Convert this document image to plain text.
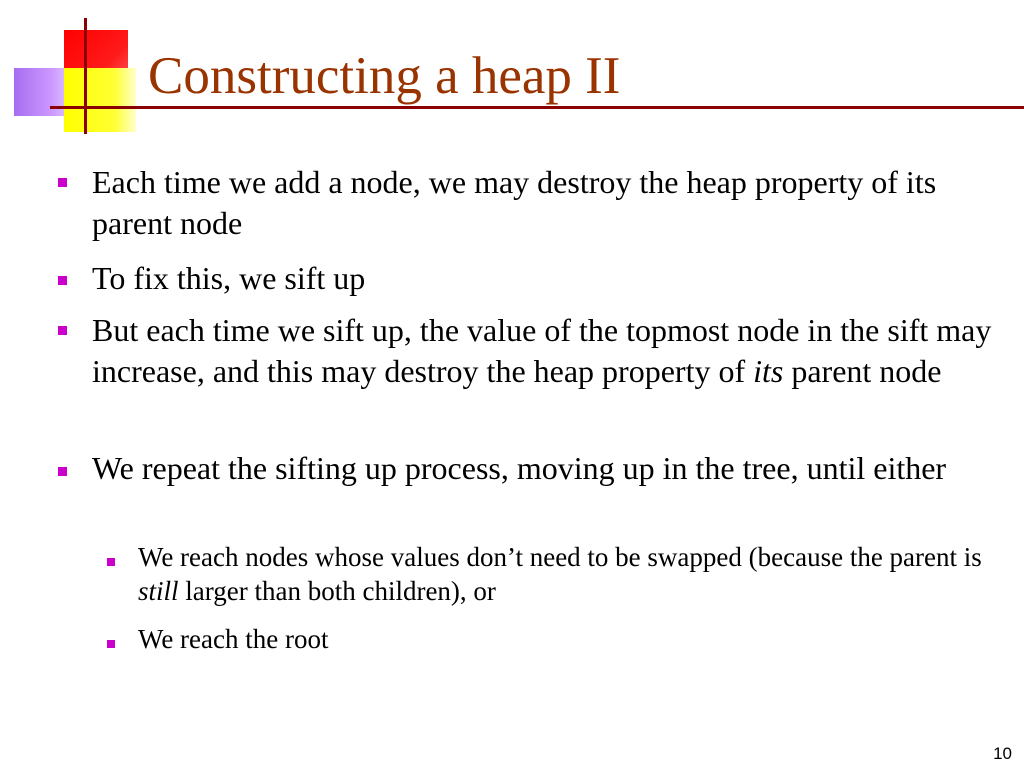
Constructing a heap II
Each time we add a node, we may destroy the heap property of its parent node
To fix this, we sift up
But each time we sift up, the value of the topmost node in the sift may increase, and this may destroy the heap property of its parent node
We repeat the sifting up process, moving up in the tree, until either
We reach nodes whose values don’t need to be swapped (because the parent is still larger than both children), or
We reach the root
10
